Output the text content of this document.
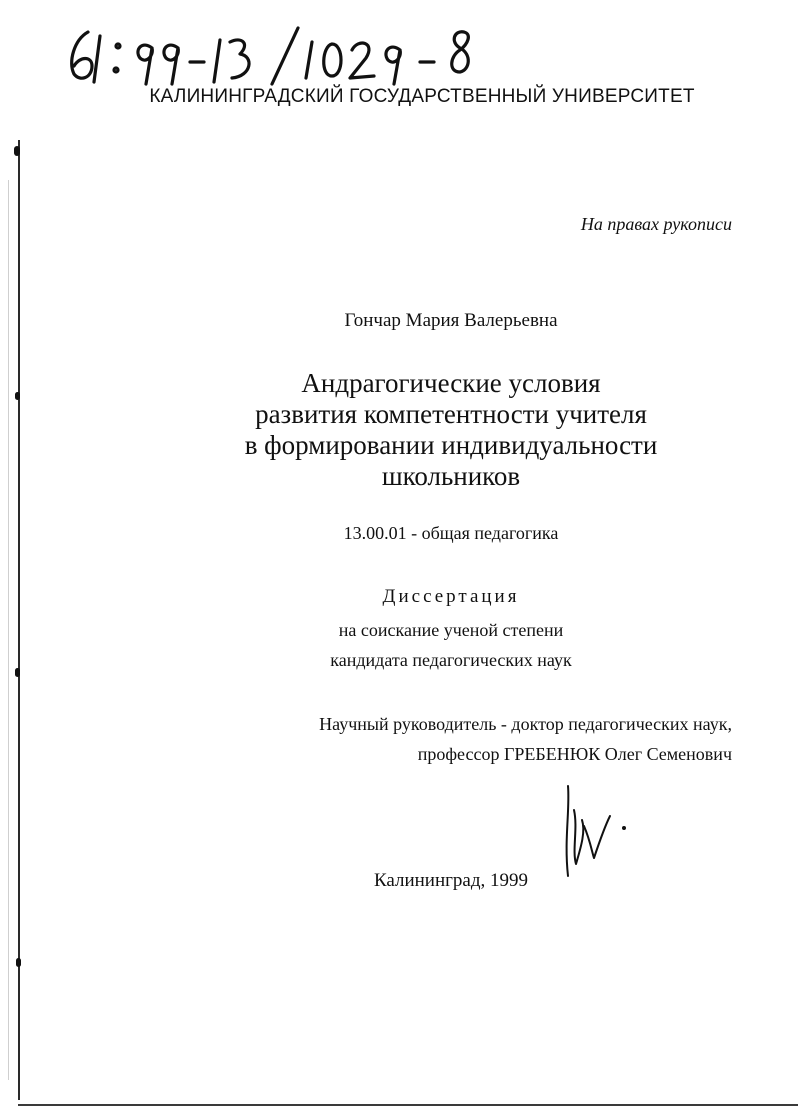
КАЛИНИНГРАДСКИЙ ГОСУДАРСТВЕННЫЙ УНИВЕРСИТЕТ
На правах рукописи
Гончар Мария Валерьевна
Андрагогические условия
развития компетентности учителя
в формировании индивидуальности
школьников
13.00.01 - общая педагогика
Диссертация
на соискание ученой степени
кандидата педагогических наук
Научный руководитель - доктор педагогических наук,
профессор ГРЕБЕНЮК Олег Семенович
Калининград, 1999
